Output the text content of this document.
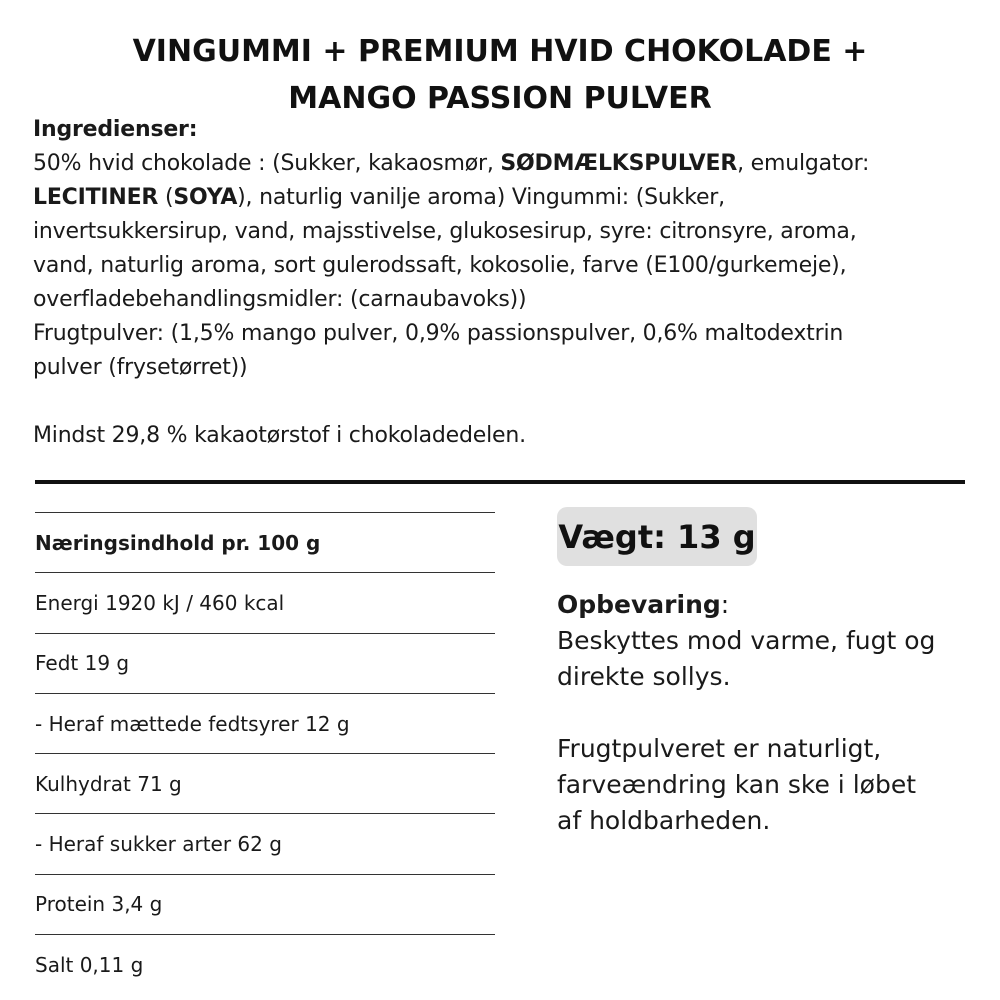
VINGUMMI + PREMIUM HVID CHOKOLADE +
MANGO PASSION PULVER
Ingredienser:
50% hvid chokolade : (Sukker, kakaosmør, SØDMÆLKSPULVER, emulgator:
LECITINER (SOYA), naturlig vanilje aroma) Vingummi: (Sukker,
invertsukkersirup, vand, majsstivelse, glukosesirup, syre: citronsyre, aroma,
vand, naturlig aroma, sort gulerodssaft, kokosolie, farve (E100/gurkemeje),
overfladebehandlingsmidler: (carnaubavoks))
Frugtpulver: (1,5% mango pulver, 0,9% passionspulver, 0,6% maltodextrin
pulver (frysetørret))
Mindst 29,8 % kakaotørstof i chokoladedelen.
Næringsindhold pr. 100 g
Energi 1920 kJ / 460 kcal
Fedt 19 g
- Heraf mættede fedtsyrer 12 g
Kulhydrat 71 g
- Heraf sukker arter 62 g
Protein 3,4 g
Salt 0,11 g
Vægt: 13 g
Opbevaring:
Beskyttes mod varme, fugt og
direkte sollys.
Frugtpulveret er naturligt,
farveændring kan ske i løbet
af holdbarheden.
